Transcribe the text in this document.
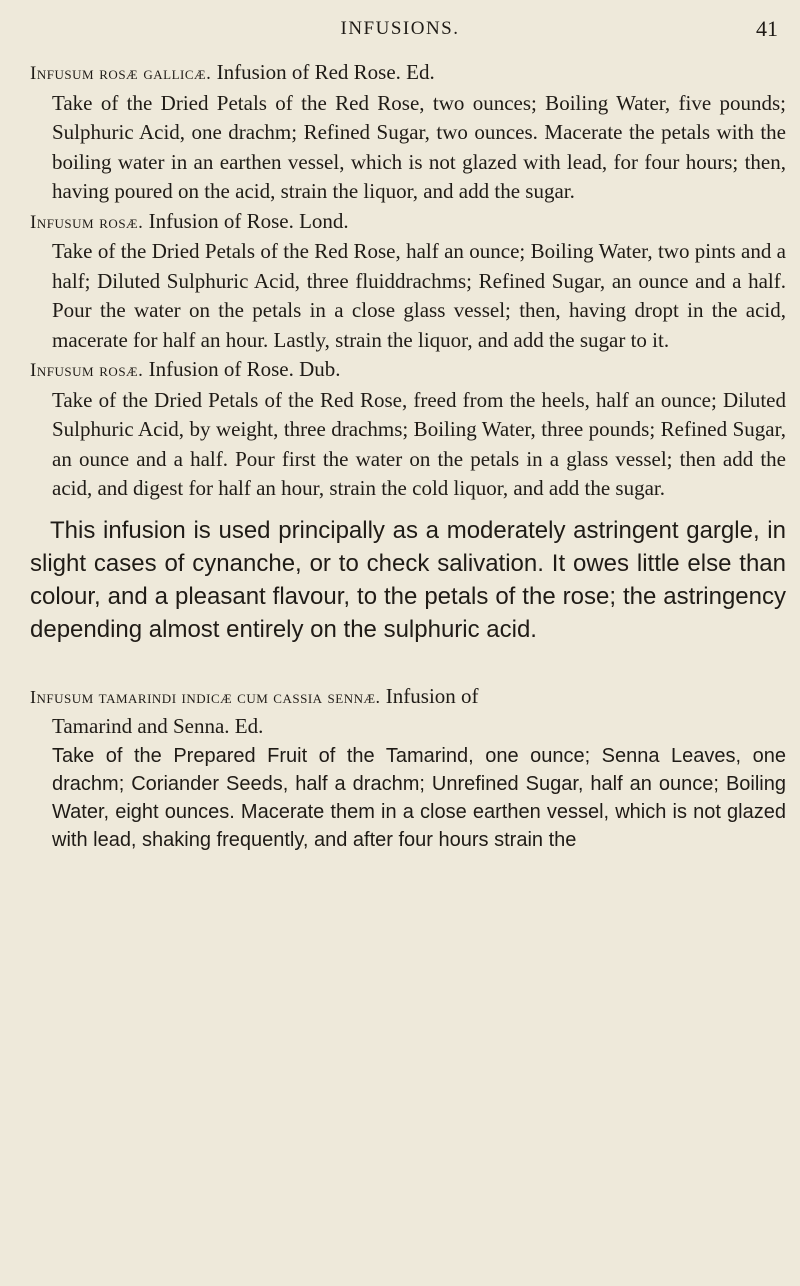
INFUSIONS.	41

Infusum rosæ gallicæ. Infusion of Red Rose. Ed.

Take of the Dried Petals of the Red Rose, two ounces; Boiling Water, five pounds; Sulphuric Acid, one drachm; Refined Sugar, two ounces. Macerate the petals with the boiling water in an earthen vessel, which is not glazed with lead, for four hours; then, having poured on the acid, strain the liquor, and add the sugar.

Infusum rosæ. Infusion of Rose. Lond.

Take of the Dried Petals of the Red Rose, half an ounce; Boiling Water, two pints and a half; Diluted Sulphuric Acid, three fluiddrachms; Refined Sugar, an ounce and a half. Pour the water on the petals in a close glass vessel; then, having dropt in the acid, macerate for half an hour. Lastly, strain the liquor, and add the sugar to it.

Infusum rosæ. Infusion of Rose. Dub.

Take of the Dried Petals of the Red Rose, freed from the heels, half an ounce; Diluted Sulphuric Acid, by weight, three drachms; Boiling Water, three pounds; Refined Sugar, an ounce and a half. Pour first the water on the petals in a glass vessel; then add the acid, and digest for half an hour, strain the cold liquor, and add the sugar.

This infusion is used principally as a moderately astringent gargle, in slight cases of cynanche, or to check salivation. It owes little else than colour, and a pleasant flavour, to the petals of the rose; the astringency depending almost entirely on the sulphuric acid.

Infusum tamarindi indicæ cum cassia sennæ. Infusion of

Tamarind and Senna. Ed.

Take of the Prepared Fruit of the Tamarind, one ounce; Senna Leaves, one drachm; Coriander Seeds, half a drachm; Unrefined Sugar, half an ounce; Boiling Water, eight ounces. Macerate them in a close earthen vessel, which is not glazed with lead, shaking frequently, and after four hours strain the
